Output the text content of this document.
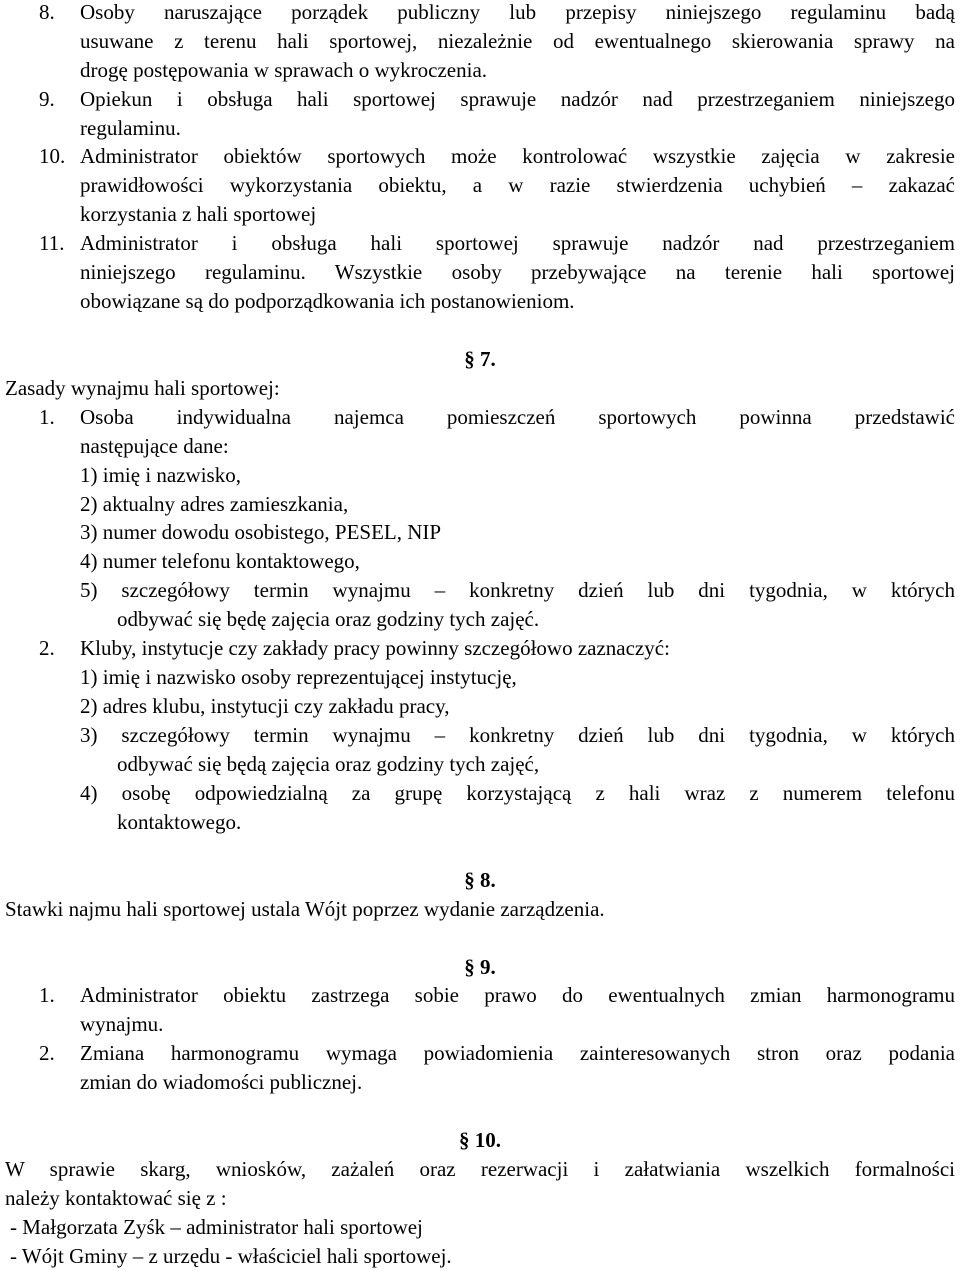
8. Osoby naruszające porządek publiczny lub przepisy niniejszego regulaminu badą
usuwane z terenu hali sportowej, niezależnie od ewentualnego skierowania sprawy na
drogę postępowania w sprawach o wykroczenia.
9. Opiekun i obsługa hali sportowej sprawuje nadzór nad przestrzeganiem niniejszego
regulaminu.
10. Administrator obiektów sportowych może kontrolować wszystkie zajęcia w zakresie
prawidłowości wykorzystania obiektu, a w razie stwierdzenia uchybień – zakazać
korzystania z hali sportowej
11. Administrator i obsługa hali sportowej sprawuje nadzór nad przestrzeganiem
niniejszego regulaminu. Wszystkie osoby przebywające na terenie hali sportowej
obowiązane są do podporządkowania ich postanowieniom.
§ 7.
Zasady wynajmu hali sportowej:
1. Osoba indywidualna najemca pomieszczeń sportowych powinna przedstawić
następujące dane:
1) imię i nazwisko,
2) aktualny adres zamieszkania,
3) numer dowodu osobistego, PESEL, NIP
4) numer telefonu kontaktowego,
5) szczegółowy termin wynajmu – konkretny dzień lub dni tygodnia, w których
odbywać się będę zajęcia oraz godziny tych zajęć.
2. Kluby, instytucje czy zakłady pracy powinny szczegółowo zaznaczyć:
1) imię i nazwisko osoby reprezentującej instytucję,
2) adres klubu, instytucji czy zakładu pracy,
3) szczegółowy termin wynajmu – konkretny dzień lub dni tygodnia, w których
odbywać się będą zajęcia oraz godziny tych zajęć,
4) osobę odpowiedzialną za grupę korzystającą z hali wraz z numerem telefonu
kontaktowego.
§ 8.
Stawki najmu hali sportowej ustala Wójt poprzez wydanie zarządzenia.
§ 9.
1. Administrator obiektu zastrzega sobie prawo do ewentualnych zmian harmonogramu
wynajmu.
2. Zmiana harmonogramu wymaga powiadomienia zainteresowanych stron oraz podania
zmian do wiadomości publicznej.
§ 10.
W sprawie skarg, wniosków, zażaleń oraz rezerwacji i załatwiania wszelkich formalności
należy kontaktować się z :
- Małgorzata Zyśk – administrator hali sportowej
- Wójt Gminy – z urzędu - właściciel hali sportowej.
